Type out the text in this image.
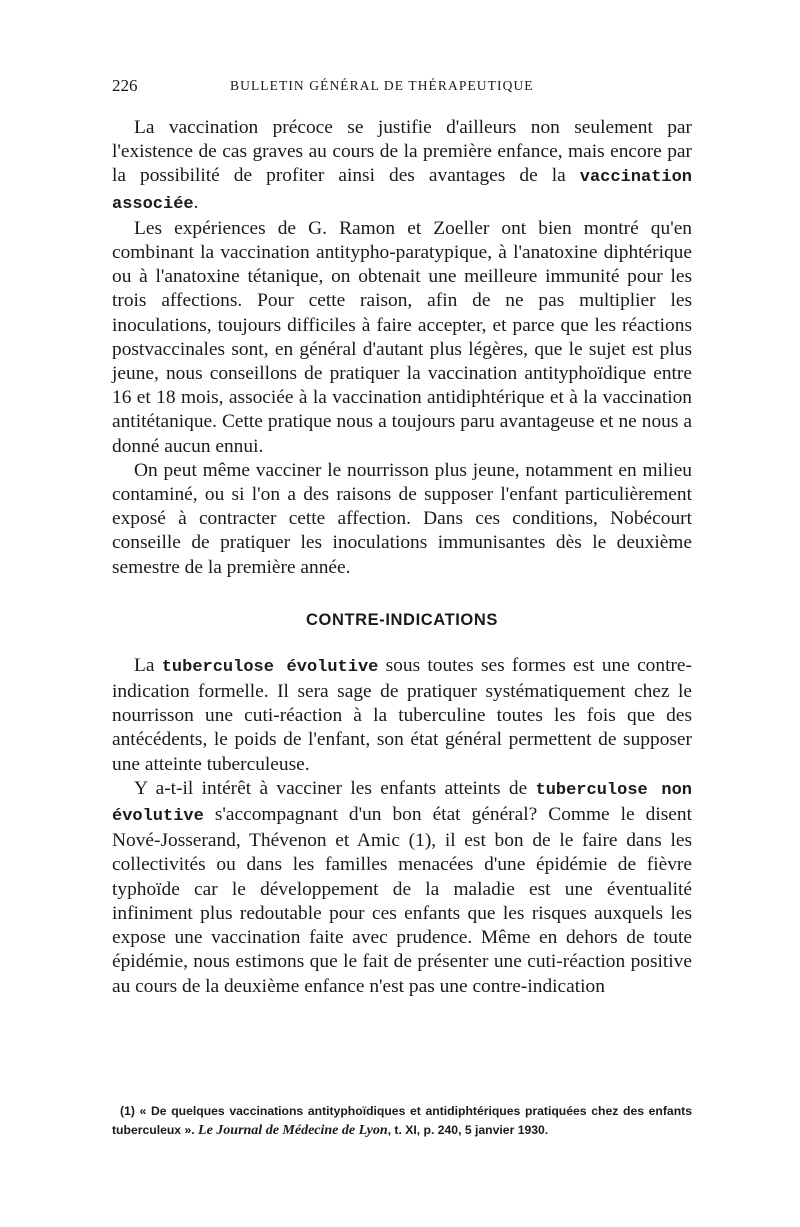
226	BULLETIN GÉNÉRAL DE THÉRAPEUTIQUE

La vaccination précoce se justifie d'ailleurs non seulement par l'existence de cas graves au cours de la première enfance, mais encore par la possibilité de profiter ainsi des avantages de la vaccination associée.

Les expériences de G. Ramon et Zoeller ont bien montré qu'en combinant la vaccination antitypho-paratypique, à l'anatoxine diphtérique ou à l'anatoxine tétanique, on obtenait une meilleure immunité pour les trois affections. Pour cette raison, afin de ne pas multiplier les inoculations, toujours difficiles à faire accepter, et parce que les réactions postvaccinales sont, en général d'autant plus légères, que le sujet est plus jeune, nous conseillons de pratiquer la vaccination antityphoïdique entre 16 et 18 mois, associée à la vaccination antidiphtérique et à la vaccination antitétanique. Cette pratique nous a toujours paru avantageuse et ne nous a donné aucun ennui.

On peut même vacciner le nourrisson plus jeune, notamment en milieu contaminé, ou si l'on a des raisons de supposer l'enfant particulièrement exposé à contracter cette affection. Dans ces conditions, Nobécourt conseille de pratiquer les inoculations immunisantes dès le deuxième semestre de la première année.

CONTRE-INDICATIONS

La tuberculose évolutive sous toutes ses formes est une contre-indication formelle. Il sera sage de pratiquer systématiquement chez le nourrisson une cuti-réaction à la tuberculine toutes les fois que des antécédents, le poids de l'enfant, son état général permettent de supposer une atteinte tuberculeuse.

Y a-t-il intérêt à vacciner les enfants atteints de tuberculose non évolutive s'accompagnant d'un bon état général? Comme le disent Nové-Josserand, Thévenon et Amic (1), il est bon de le faire dans les collectivités ou dans les familles menacées d'une épidémie de fièvre typhoïde car le développement de la maladie est une éventualité infiniment plus redoutable pour ces enfants que les risques auxquels les expose une vaccination faite avec prudence. Même en dehors de toute épidémie, nous estimons que le fait de présenter une cuti-réaction positive au cours de la deuxième enfance n'est pas une contre-indication

(1) « De quelques vaccinations antityphoïdiques et antidiphtériques pratiquées chez des enfants tuberculeux ». Le Journal de Médecine de Lyon, t. XI, p. 240, 5 janvier 1930.
